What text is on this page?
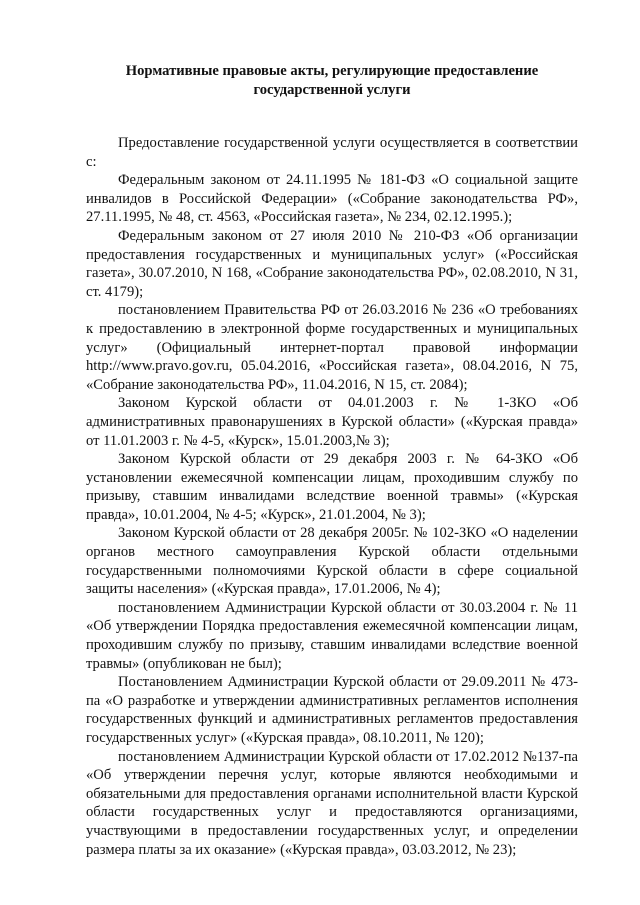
Нормативные правовые акты, регулирующие предоставление
государственной услуги

Предоставление государственной услуги осуществляется в соответствии с:

Федеральным законом от 24.11.1995 № 181-ФЗ «О социальной защите инвалидов в Российской Федерации» («Собрание законодательства РФ», 27.11.1995, № 48, ст. 4563, «Российская газета», № 234, 02.12.1995.);

Федеральным законом от 27 июля 2010 № 210-ФЗ «Об организации предоставления государственных и муниципальных услуг» («Российская газета», 30.07.2010, N 168, «Собрание законодательства РФ», 02.08.2010, N 31, ст. 4179);

постановлением Правительства РФ от 26.03.2016 № 236 «О требованиях к предоставлению в электронной форме государственных и муниципальных услуг» (Официальный интернет-портал правовой информации http://www.pravo.gov.ru, 05.04.2016, «Российская газета», 08.04.2016, N 75, «Собрание законодательства РФ», 11.04.2016, N 15, ст. 2084);

Законом Курской области от 04.01.2003 г. № 1-ЗКО «Об административных правонарушениях в Курской области» («Курская правда» от 11.01.2003 г. № 4-5, «Курск», 15.01.2003,№ 3);

Законом Курской области от 29 декабря 2003 г. № 64-ЗКО «Об установлении ежемесячной компенсации лицам, проходившим службу по призыву, ставшим инвалидами вследствие военной травмы» («Курская правда», 10.01.2004, № 4-5; «Курск», 21.01.2004, № 3);

Законом Курской области от 28 декабря 2005г. № 102-ЗКО «О наделении органов местного самоуправления Курской области отдельными государственными полномочиями Курской области в сфере социальной защиты населения» («Курская правда», 17.01.2006, № 4);

постановлением Администрации Курской области от 30.03.2004 г. № 11 «Об утверждении Порядка предоставления ежемесячной компенсации лицам, проходившим службу по призыву, ставшим инвалидами вследствие военной травмы» (опубликован не был);

Постановлением Администрации Курской области от 29.09.2011 № 473-па «О разработке и утверждении административных регламентов исполнения государственных функций и административных регламентов предоставления государственных услуг» («Курская правда», 08.10.2011, № 120);

постановлением Администрации Курской области от 17.02.2012 №137-па «Об утверждении перечня услуг, которые являются необходимыми и обязательными для предоставления органами исполнительной власти Курской области государственных услуг и предоставляются организациями, участвующими в предоставлении государственных услуг, и определении размера платы за их оказание» («Курская правда», 03.03.2012, № 23);
